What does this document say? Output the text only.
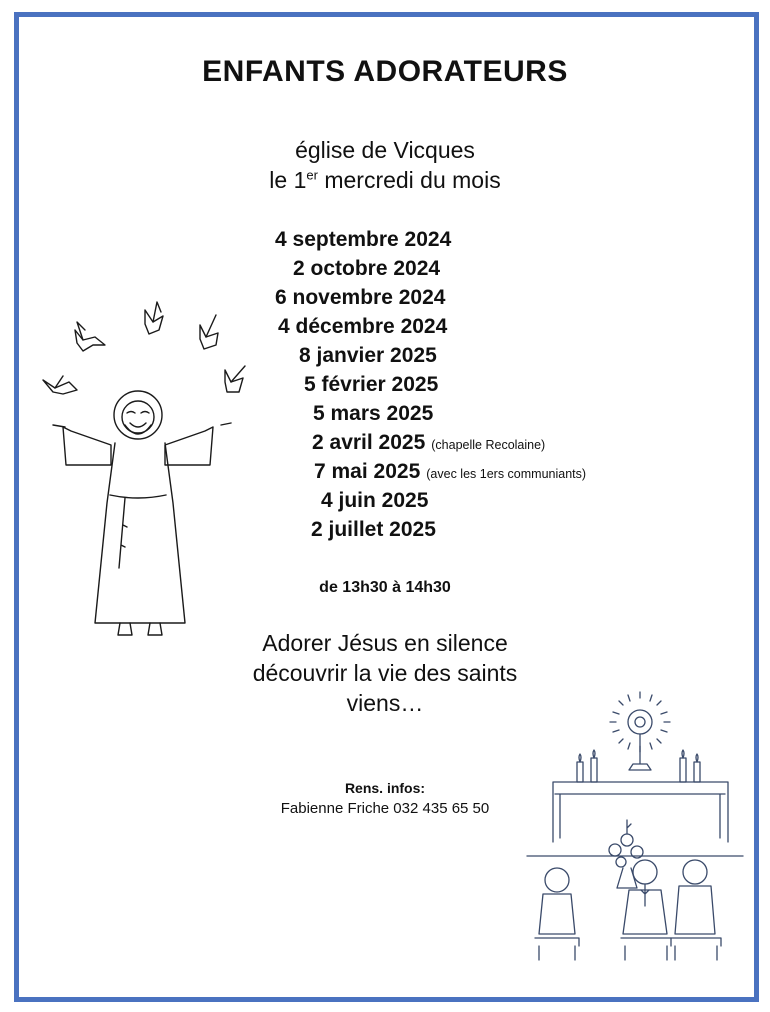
ENFANTS ADORATEURS
église de Vicques
le 1er mercredi du mois
4 septembre 2024
2 octobre 2024
6 novembre 2024
4 décembre 2024
8 janvier 2025
5 février 2025
5 mars 2025
2 avril 2025 (chapelle Recolaine)
7 mai 2025 (avec les 1ers communiants)
4 juin 2025
2 juillet 2025
de 13h30 à 14h30
Adorer Jésus en silence
découvrir la vie des saints
viens…
Rens. infos:
Fabienne Friche 032 435 65 50
